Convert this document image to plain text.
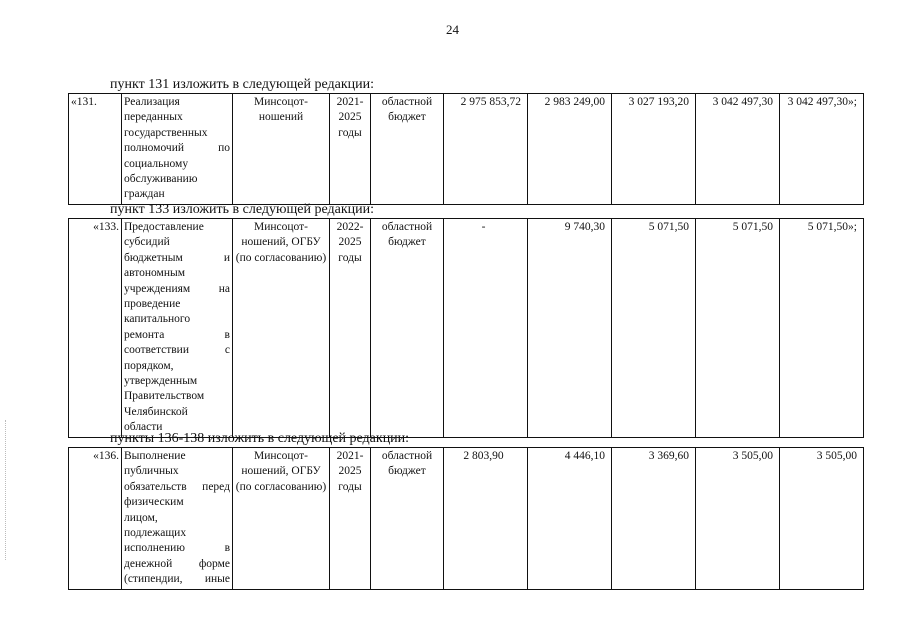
24
пункт 131 изложить в следующей редакции:
«131.	Реализация
переданных
государственных
полномочий по
социальному
обслуживанию
граждан
	Минсоцот-ношений	2021-2025 годы	областной бюджет	2 975 853,72	2 983 249,00	3 027 193,20	3 042 497,30	3 042 497,30»;
пункт 133 изложить в следующей редакции:
«133.	Предоставление
субсидий
бюджетным и
автономным
учреждениям на
проведение
капитального
ремонта в
соответствии с
порядком,
утвержденным
Правительством
Челябинской
области
	Минсоцот-ношений, ОГБУ (по согласованию)	2022-2025 годы	областной бюджет	-	9 740,30	5 071,50	5 071,50	5 071,50»;
пункты 136-138 изложить в следующей редакции:
«136.	Выполнение
публичных
обязательств перед
физическим
лицом,
подлежащих
исполнению в
денежной форме
(стипендии, иные
	Минсоцот-ношений, ОГБУ (по согласованию)	2021-2025 годы	областной бюджет	2 803,90	4 446,10	3 369,60	3 505,00	3 505,00
